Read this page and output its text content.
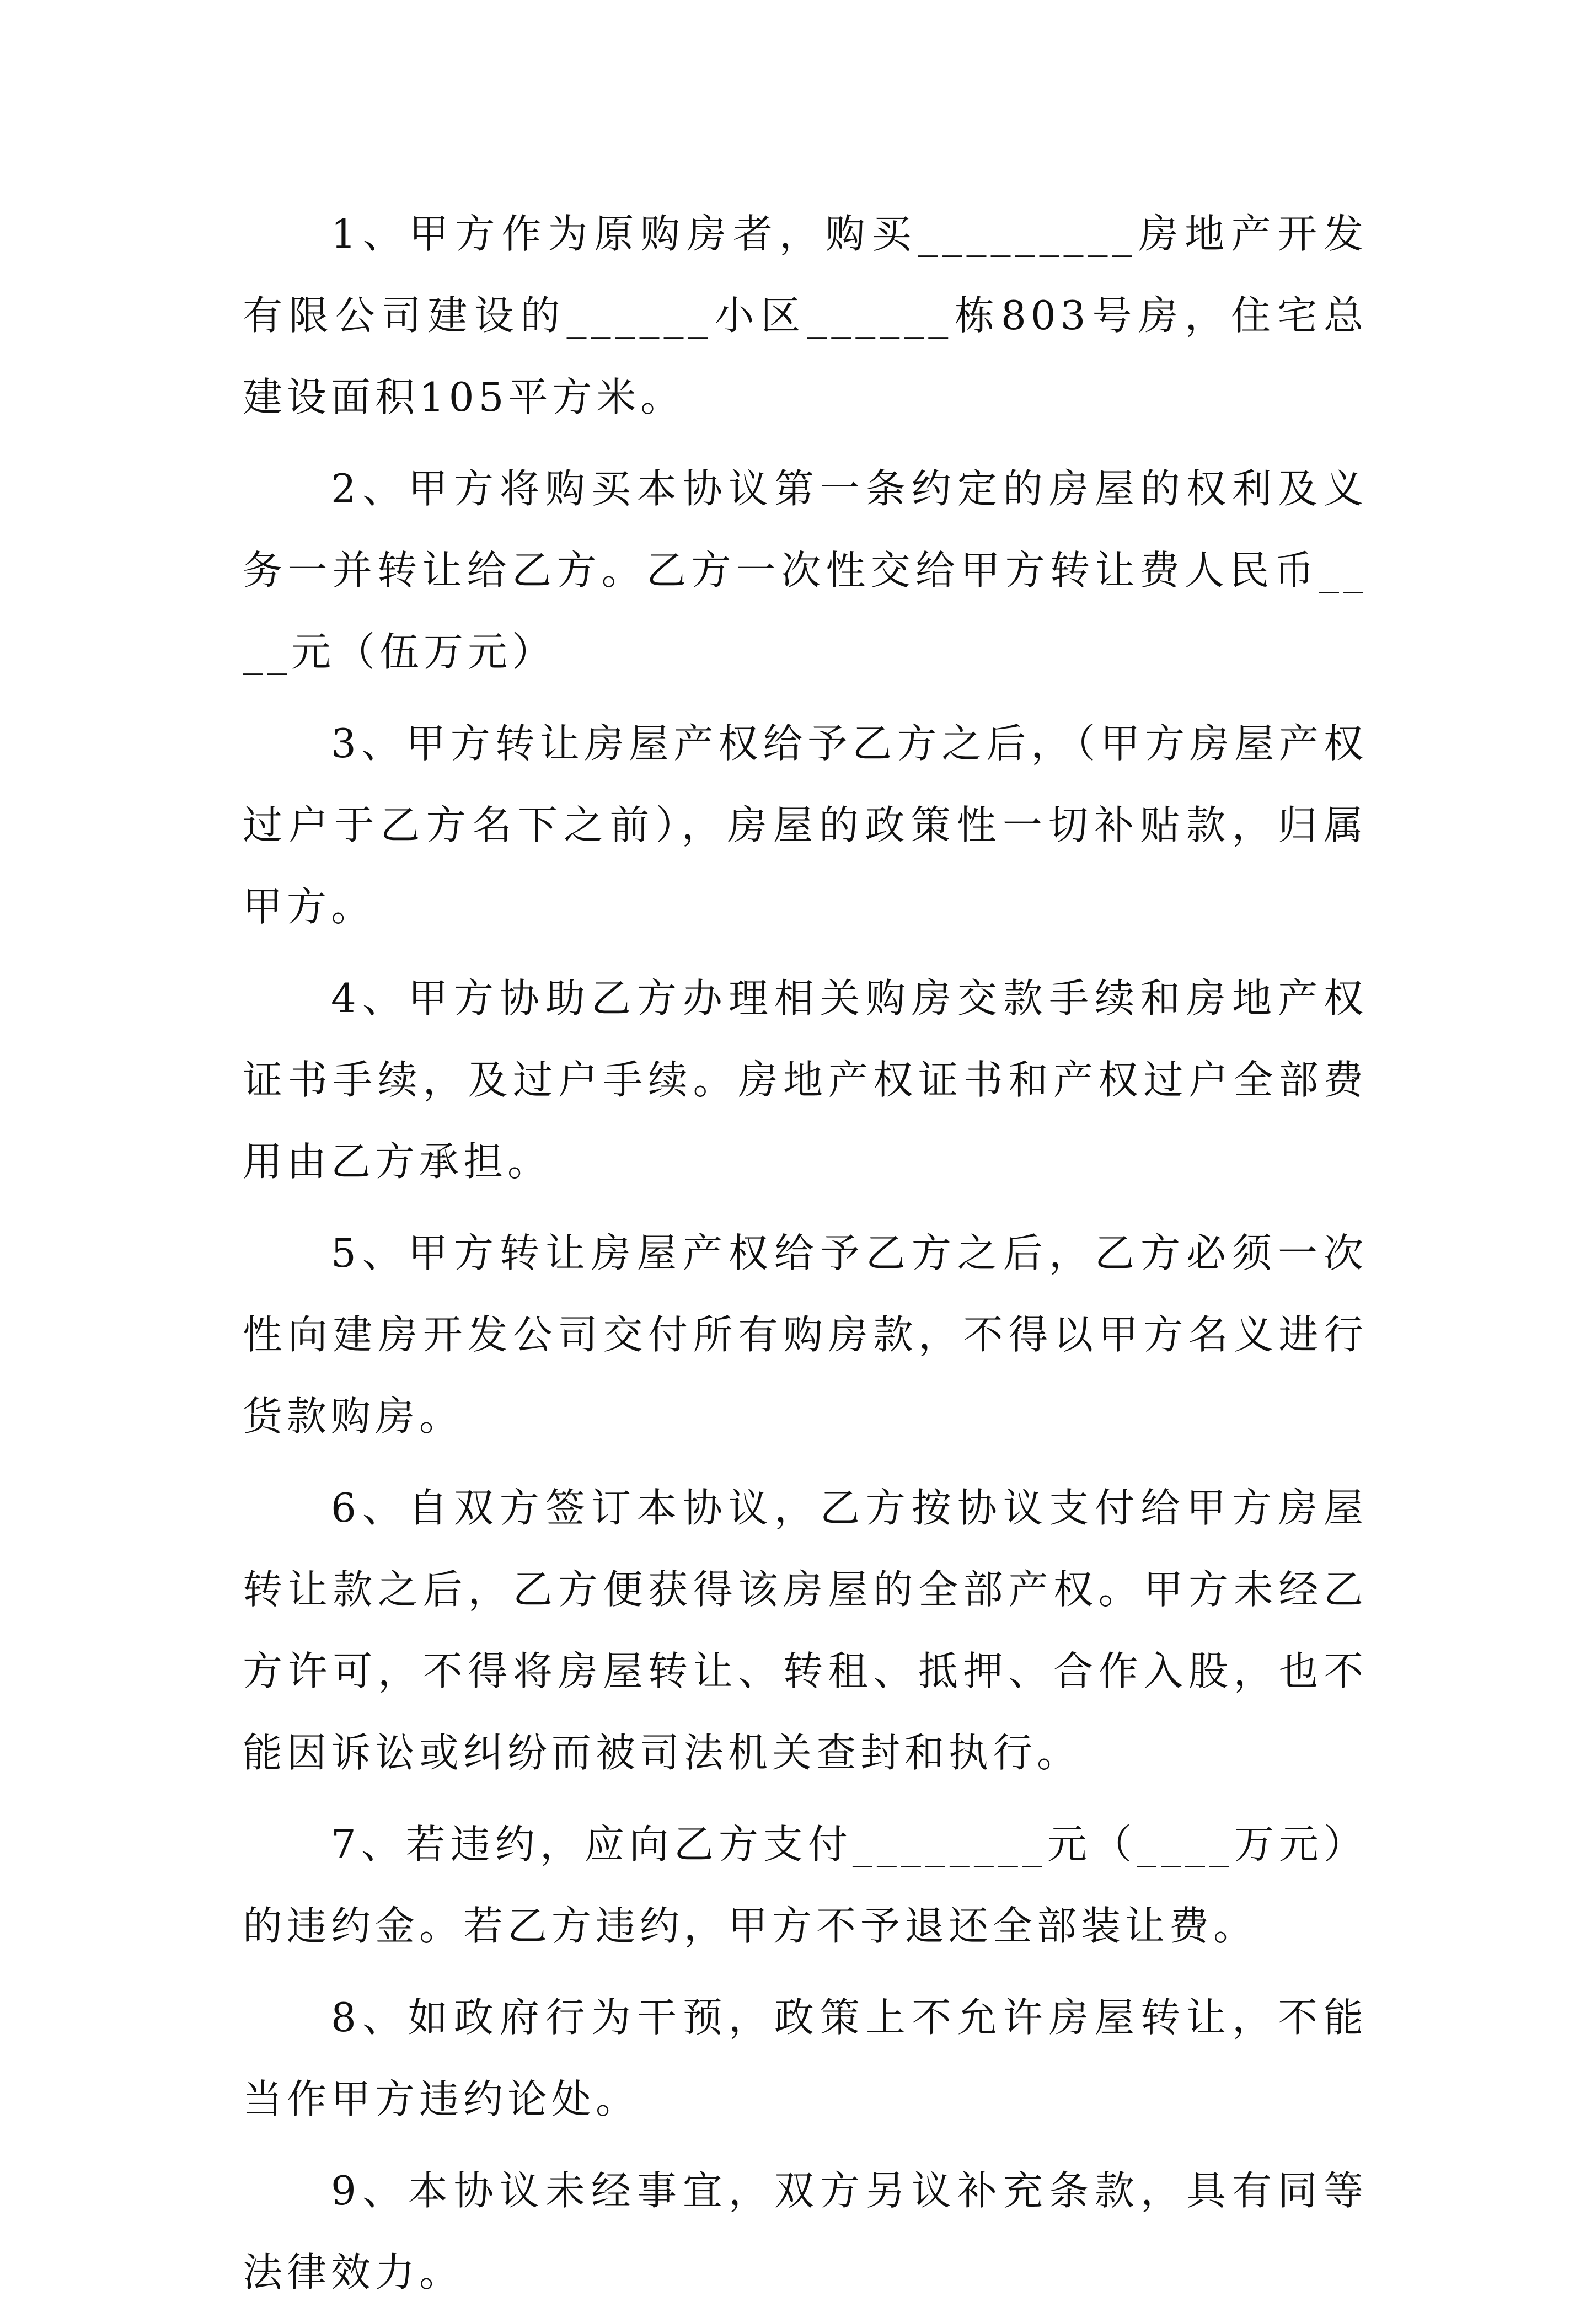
1、甲方作为原购房者，购买_________房地产开发有限公司建设的______小区______栋803号房，住宅总建设面积105平方米。

2、甲方将购买本协议第一条约定的房屋的权利及义务一并转让给乙方。乙方一次性交给甲方转让费人民币____元（伍万元）

3、甲方转让房屋产权给予乙方之后，（甲方房屋产权过户于乙方名下之前），房屋的政策性一切补贴款，归属甲方。

4、甲方协助乙方办理相关购房交款手续和房地产权证书手续，及过户手续。房地产权证书和产权过户全部费用由乙方承担。

5、甲方转让房屋产权给予乙方之后，乙方必须一次性向建房开发公司交付所有购房款，不得以甲方名义进行货款购房。

6、自双方签订本协议，乙方按协议支付给甲方房屋转让款之后，乙方便获得该房屋的全部产权。甲方未经乙方许可，不得将房屋转让、转租、抵押、合作入股，也不能因诉讼或纠纷而被司法机关查封和执行。

7、若违约，应向乙方支付________元（____万元）的违约金。若乙方违约，甲方不予退还全部装让费。

8、如政府行为干预，政策上不允许房屋转让，不能当作甲方违约论处。

9、本协议未经事宜，双方另议补充条款，具有同等法律效力。
